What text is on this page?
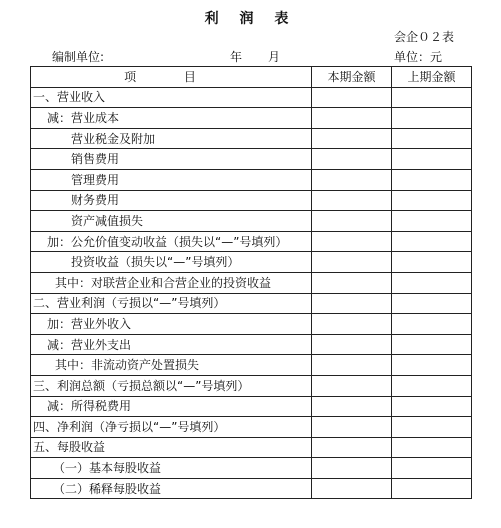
利 润 表
会企０２表
编制单位:	年 月	单位：元
项 目	本期金额	上期金额
一、营业收入		
减：营业成本		
营业税金及附加		
销售费用		
管理费用		
财务费用		
资产减值损失		
加：公允价值变动收益（损失以“—”号填列）		
投资收益（损失以“—”号填列）		
其中：对联营企业和合营企业的投资收益		
二、营业利润（亏损以“—”号填列）		
加：营业外收入		
减：营业外支出		
其中：非流动资产处置损失		
三、利润总额（亏损总额以“—”号填列）		
减：所得税费用		
四、净利润（净亏损以“—”号填列）		
五、每股收益		
（一）基本每股收益		
（二）稀释每股收益		
